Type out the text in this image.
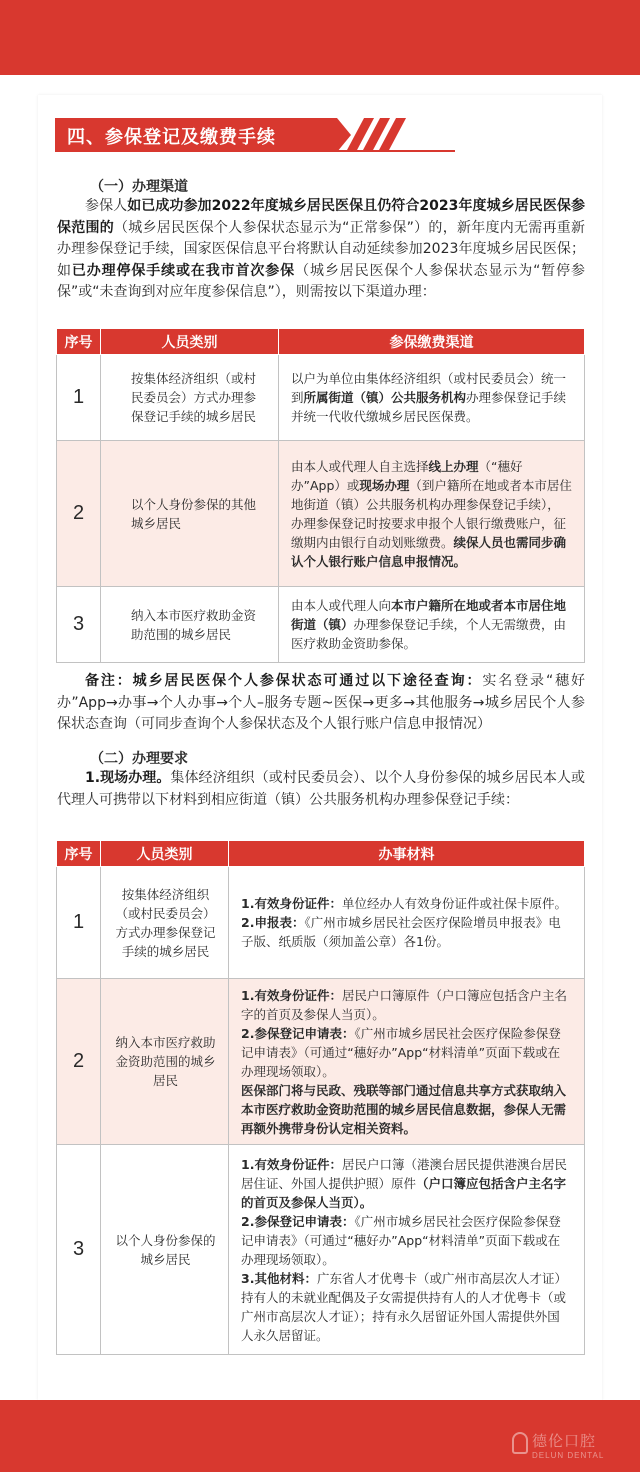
四、参保登记及缴费手续
（一）办理渠道
参保人如已成功参加2022年度城乡居民医保且仍符合2023年度城乡居民医保参保范围的（城乡居民医保个人参保状态显示为“正常参保”）的，新年度内无需再重新办理参保登记手续，国家医保信息平台将默认自动延续参加2023年度城乡居民医保；如已办理停保手续或在我市首次参保（城乡居民医保个人参保状态显示为“暂停参保”或“未查询到对应年度参保信息”），则需按以下渠道办理：
序号	人员类别	参保缴费渠道
1	按集体经济组织（或村民委员会）方式办理参保登记手续的城乡居民	以户为单位由集体经济组织（或村民委员会）统一到所属街道（镇）公共服务机构办理参保登记手续并统一代收代缴城乡居民医保费。
2	以个人身份参保的其他城乡居民	由本人或代理人自主选择线上办理（“穗好办”App）或现场办理（到户籍所在地或者本市居住地街道（镇）公共服务机构办理参保登记手续），办理参保登记时按要求申报个人银行缴费账户，征缴期内由银行自动划账缴费。续保人员也需同步确认个人银行账户信息申报情况。
3	纳入本市医疗救助金资助范围的城乡居民	由本人或代理人向本市户籍所在地或者本市居住地街道（镇）办理参保登记手续，个人无需缴费，由医疗救助金资助参保。
备注：城乡居民医保个人参保状态可通过以下途径查询：实名登录“穗好办”App→办事→个人办事→个人–服务专题~医保→更多→其他服务→城乡居民个人参保状态查询（可同步查询个人参保状态及个人银行账户信息申报情况）
（二）办理要求
1.现场办理。集体经济组织（或村民委员会）、以个人身份参保的城乡居民本人或代理人可携带以下材料到相应街道（镇）公共服务机构办理参保登记手续：
序号	人员类别	办事材料
1	按集体经济组织（或村民委员会）方式办理参保登记手续的城乡居民	1.有效身份证件：单位经办人有效身份证件或社保卡原件。

2.申报表：《广州市城乡居民社会医疗保险增员申报表》电子版、纸质版（须加盖公章）各1份。

2	纳入本市医疗救助金资助范围的城乡居民	1.有效身份证件：居民户口簿原件（户口簿应包括含户主名字的首页及参保人当页）。

2.参保登记申请表：《广州市城乡居民社会医疗保险参保登记申请表》（可通过“穗好办”App“材料清单”页面下载或在办理现场领取）。

医保部门将与民政、残联等部门通过信息共享方式获取纳入本市医疗救助金资助范围的城乡居民信息数据，参保人无需再额外携带身份认定相关资料。

3	以个人身份参保的城乡居民	1.有效身份证件：居民户口簿（港澳台居民提供港澳台居民居住证、外国人提供护照）原件（户口簿应包括含户主名字的首页及参保人当页）。

2.参保登记申请表：《广州市城乡居民社会医疗保险参保登记申请表》（可通过“穗好办”App“材料清单”页面下载或在办理现场领取）。

3.其他材料：广东省人才优粤卡（或广州市高层次人才证）持有人的未就业配偶及子女需提供持有人的人才优粤卡（或广州市高层次人才证）；持有永久居留证外国人需提供外国人永久居留证。

德伦口腔
DELUN DENTAL
